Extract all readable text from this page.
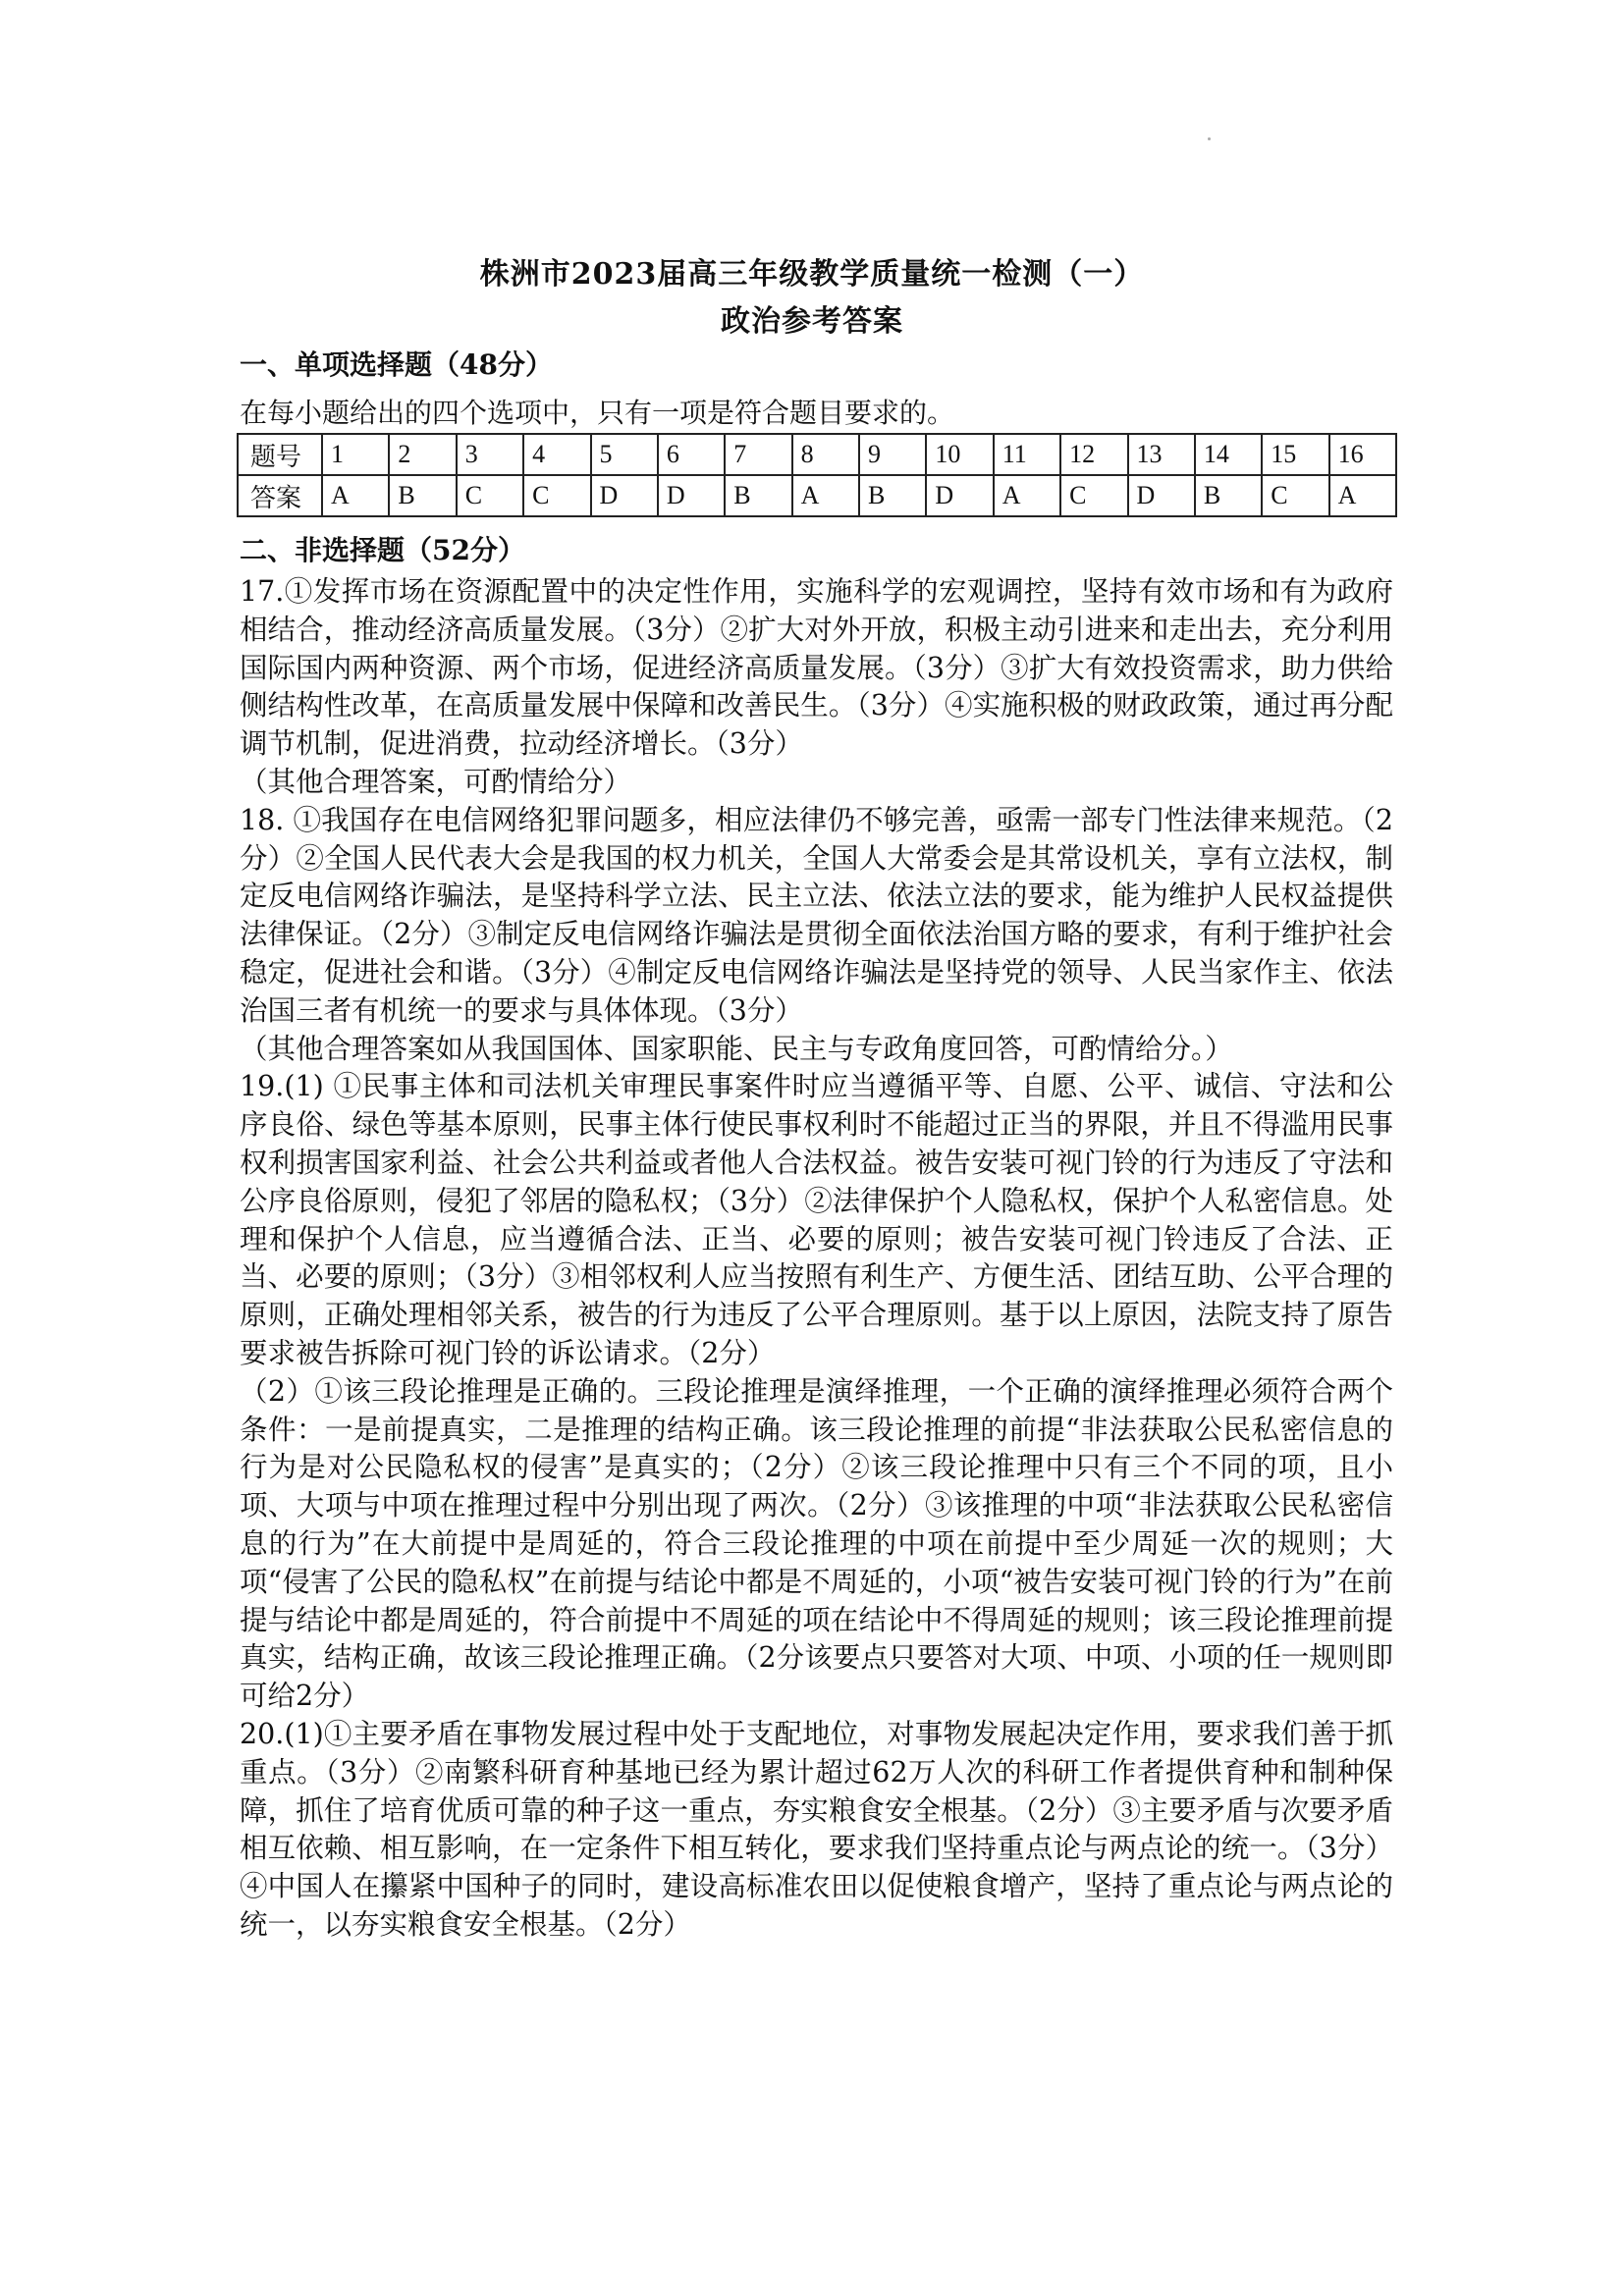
株洲市2023届高三年级教学质量统一检测（一）
政治参考答案
一、单项选择题（48分）
在每小题给出的四个选项中，只有一项是符合题目要求的。
题号	1	2	3	4	5	6	7	8	9	10	11	12	13	14	15	16
答案	A	B	C	C	D	D	B	A	B	D	A	C	D	B	C	A
二、非选择题（52分）

17.①发挥市场在资源配置中的决定性作用，实施科学的宏观调控，坚持有效市场和有为政府相结合，推动经济高质量发展。（3分）②扩大对外开放，积极主动引进来和走出去，充分利用国际国内两种资源、两个市场，促进经济高质量发展。（3分）③扩大有效投资需求，助力供给侧结构性改革，在高质量发展中保障和改善民生。（3分）④实施积极的财政政策，通过再分配调节机制，促进消费，拉动经济增长。（3分）

（其他合理答案，可酌情给分）

18. ①我国存在电信网络犯罪问题多，相应法律仍不够完善，亟需一部专门性法律来规范。（2分）②全国人民代表大会是我国的权力机关，全国人大常委会是其常设机关，享有立法权，制定反电信网络诈骗法，是坚持科学立法、民主立法、依法立法的要求，能为维护人民权益提供法律保证。（2分）③制定反电信网络诈骗法是贯彻全面依法治国方略的要求，有利于维护社会稳定，促进社会和谐。（3分）④制定反电信网络诈骗法是坚持党的领导、人民当家作主、依法治国三者有机统一的要求与具体体现。（3分）

（其他合理答案如从我国国体、国家职能、民主与专政角度回答，可酌情给分。）

19.(1) ①民事主体和司法机关审理民事案件时应当遵循平等、自愿、公平、诚信、守法和公序良俗、绿色等基本原则，民事主体行使民事权利时不能超过正当的界限，并且不得滥用民事权利损害国家利益、社会公共利益或者他人合法权益。被告安装可视门铃的行为违反了守法和公序良俗原则，侵犯了邻居的隐私权；（3分）②法律保护个人隐私权，保护个人私密信息。处理和保护个人信息，应当遵循合法、正当、必要的原则；被告安装可视门铃违反了合法、正当、必要的原则；（3分）③相邻权利人应当按照有利生产、方便生活、团结互助、公平合理的原则，正确处理相邻关系，被告的行为违反了公平合理原则。基于以上原因，法院支持了原告要求被告拆除可视门铃的诉讼请求。（2分）

（2）①该三段论推理是正确的。三段论推理是演绎推理，一个正确的演绎推理必须符合两个条件：一是前提真实，二是推理的结构正确。该三段论推理的前提“非法获取公民私密信息的行为是对公民隐私权的侵害”是真实的；（2分）②该三段论推理中只有三个不同的项，且小项、大项与中项在推理过程中分别出现了两次。（2分）③该推理的中项“非法获取公民私密信息的行为”在大前提中是周延的，符合三段论推理的中项在前提中至少周延一次的规则；大项“侵害了公民的隐私权”在前提与结论中都是不周延的，小项“被告安装可视门铃的行为”在前提与结论中都是周延的，符合前提中不周延的项在结论中不得周延的规则；该三段论推理前提真实，结构正确，故该三段论推理正确。（2分该要点只要答对大项、中项、小项的任一规则即可给2分）

20.(1)①主要矛盾在事物发展过程中处于支配地位，对事物发展起决定作用，要求我们善于抓重点。（3分）②南繁科研育种基地已经为累计超过62万人次的科研工作者提供育种和制种保障，抓住了培育优质可靠的种子这一重点，夯实粮食安全根基。（2分）③主要矛盾与次要矛盾相互依赖、相互影响，在一定条件下相互转化，要求我们坚持重点论与两点论的统一。（3分）④中国人在攥紧中国种子的同时，建设高标准农田以促使粮食增产，坚持了重点论与两点论的统一，以夯实粮食安全根基。（2分）
